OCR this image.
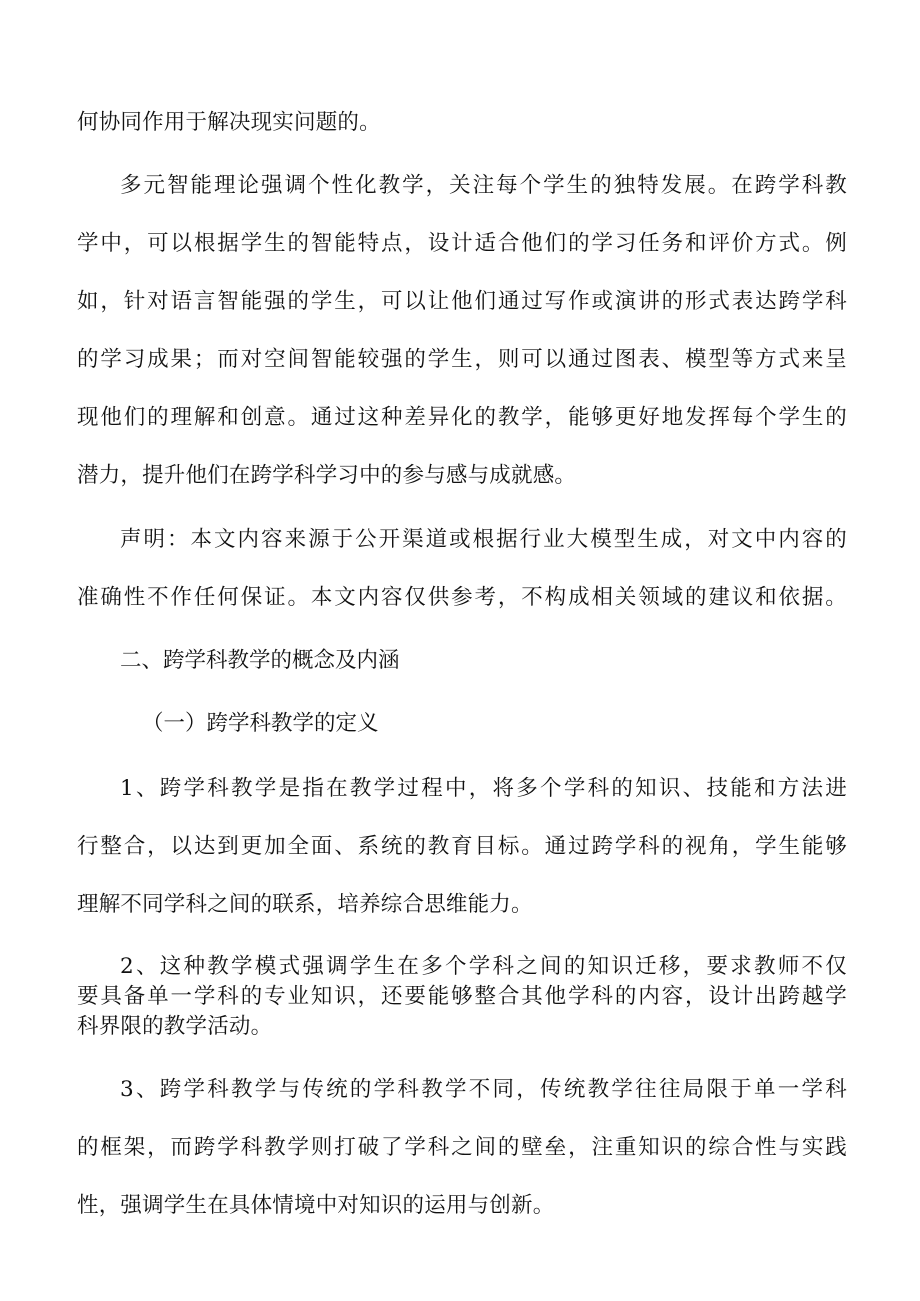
何协同作用于解决现实问题的。
多元智能理论强调个性化教学，关注每个学生的独特发展。在跨学科教
学中，可以根据学生的智能特点，设计适合他们的学习任务和评价方式。例
如，针对语言智能强的学生，可以让他们通过写作或演讲的形式表达跨学科
的学习成果；而对空间智能较强的学生，则可以通过图表、模型等方式来呈
现他们的理解和创意。通过这种差异化的教学，能够更好地发挥每个学生的
潜力，提升他们在跨学科学习中的参与感与成就感。
声明：本文内容来源于公开渠道或根据行业大模型生成，对文中内容的
准确性不作任何保证。本文内容仅供参考，不构成相关领域的建议和依据。
二、跨学科教学的概念及内涵
（一）跨学科教学的定义
1、跨学科教学是指在教学过程中，将多个学科的知识、技能和方法进
行整合，以达到更加全面、系统的教育目标。通过跨学科的视角，学生能够
理解不同学科之间的联系，培养综合思维能力。
2、这种教学模式强调学生在多个学科之间的知识迁移，要求教师不仅
要具备单一学科的专业知识，还要能够整合其他学科的内容，设计出跨越学
科界限的教学活动。
3、跨学科教学与传统的学科教学不同，传统教学往往局限于单一学科
的框架，而跨学科教学则打破了学科之间的壁垒，注重知识的综合性与实践
性，强调学生在具体情境中对知识的运用与创新。
